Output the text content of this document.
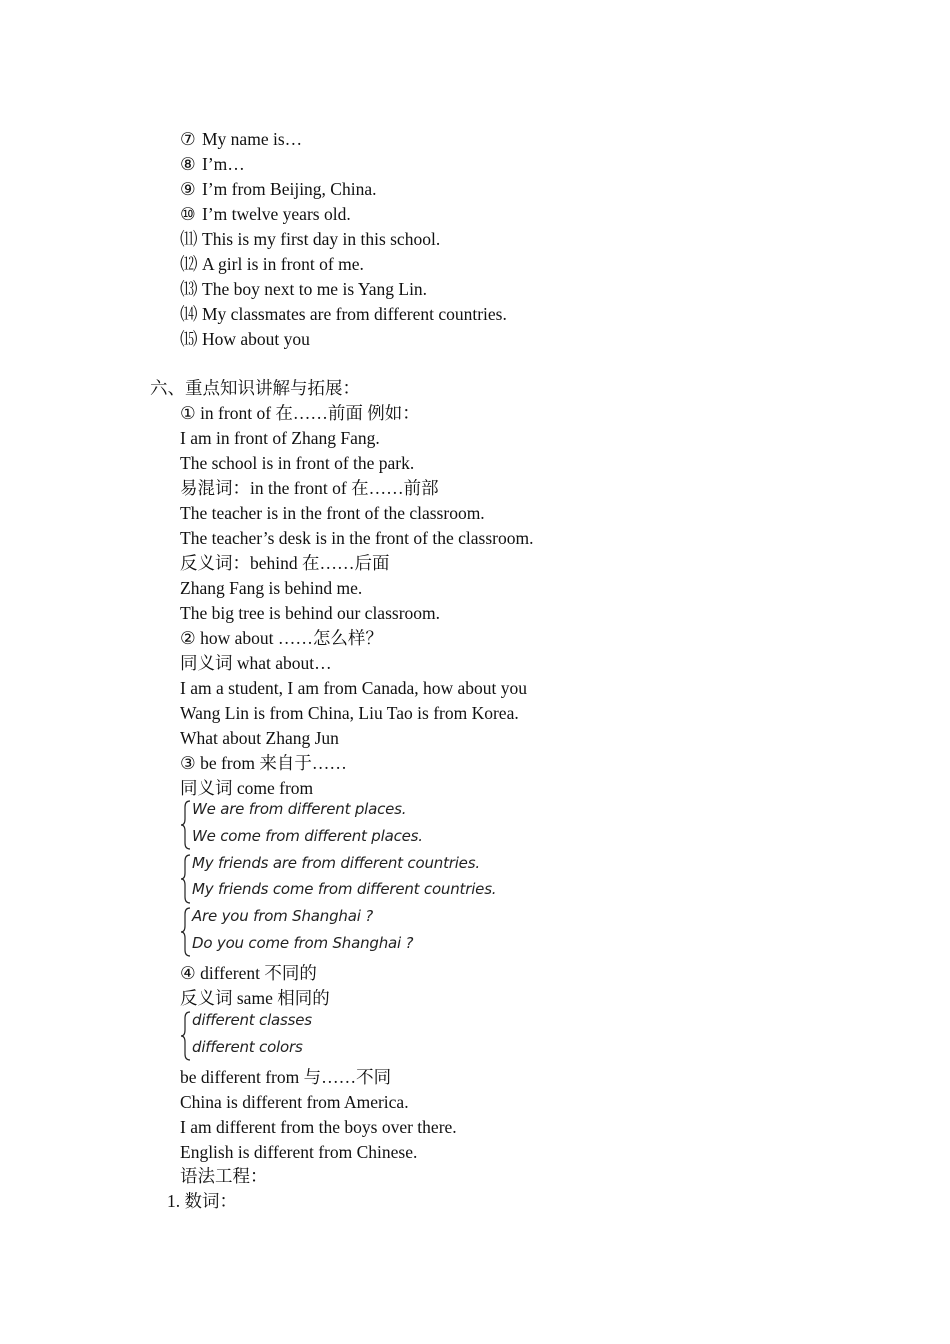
⑦ My name is…
⑧ I’m…
⑨ I’m from Beijing, China.
⑩ I’m twelve years old.
⑾ This is my first day in this school.
⑿ A girl is in front of me.
⒀ The boy next to me is Yang Lin.
⒁ My classmates are from different countries.
⒂ How about you
六、重点知识讲解与拓展：
① in front of 在……前面 例如：
I am in front of Zhang Fang.
The school is in front of the park.
易混词：in the front of 在……前部
The teacher is in the front of the classroom.
The teacher’s desk is in the front of the classroom.
反义词：behind 在……后面
Zhang Fang is behind me.
The big tree is behind our classroom.
② how about ……怎么样？
同义词 what about…
I am a student, I am from Canada, how about you
Wang Lin is from China, Liu Tao is from Korea.
What about Zhang Jun
③ be from 来自于……
同义词 come from
We are from different places.
We come from different places.
My friends are from different countries.
My friends come from different countries.
Are you from Shanghai ?
Do you come from Shanghai ?
④ different 不同的
反义词 same 相同的
different classes
different colors
be different from 与……不同
China is different from America.
I am different from the boys over there.
English is different from Chinese.
语法工程：
1. 数词：
